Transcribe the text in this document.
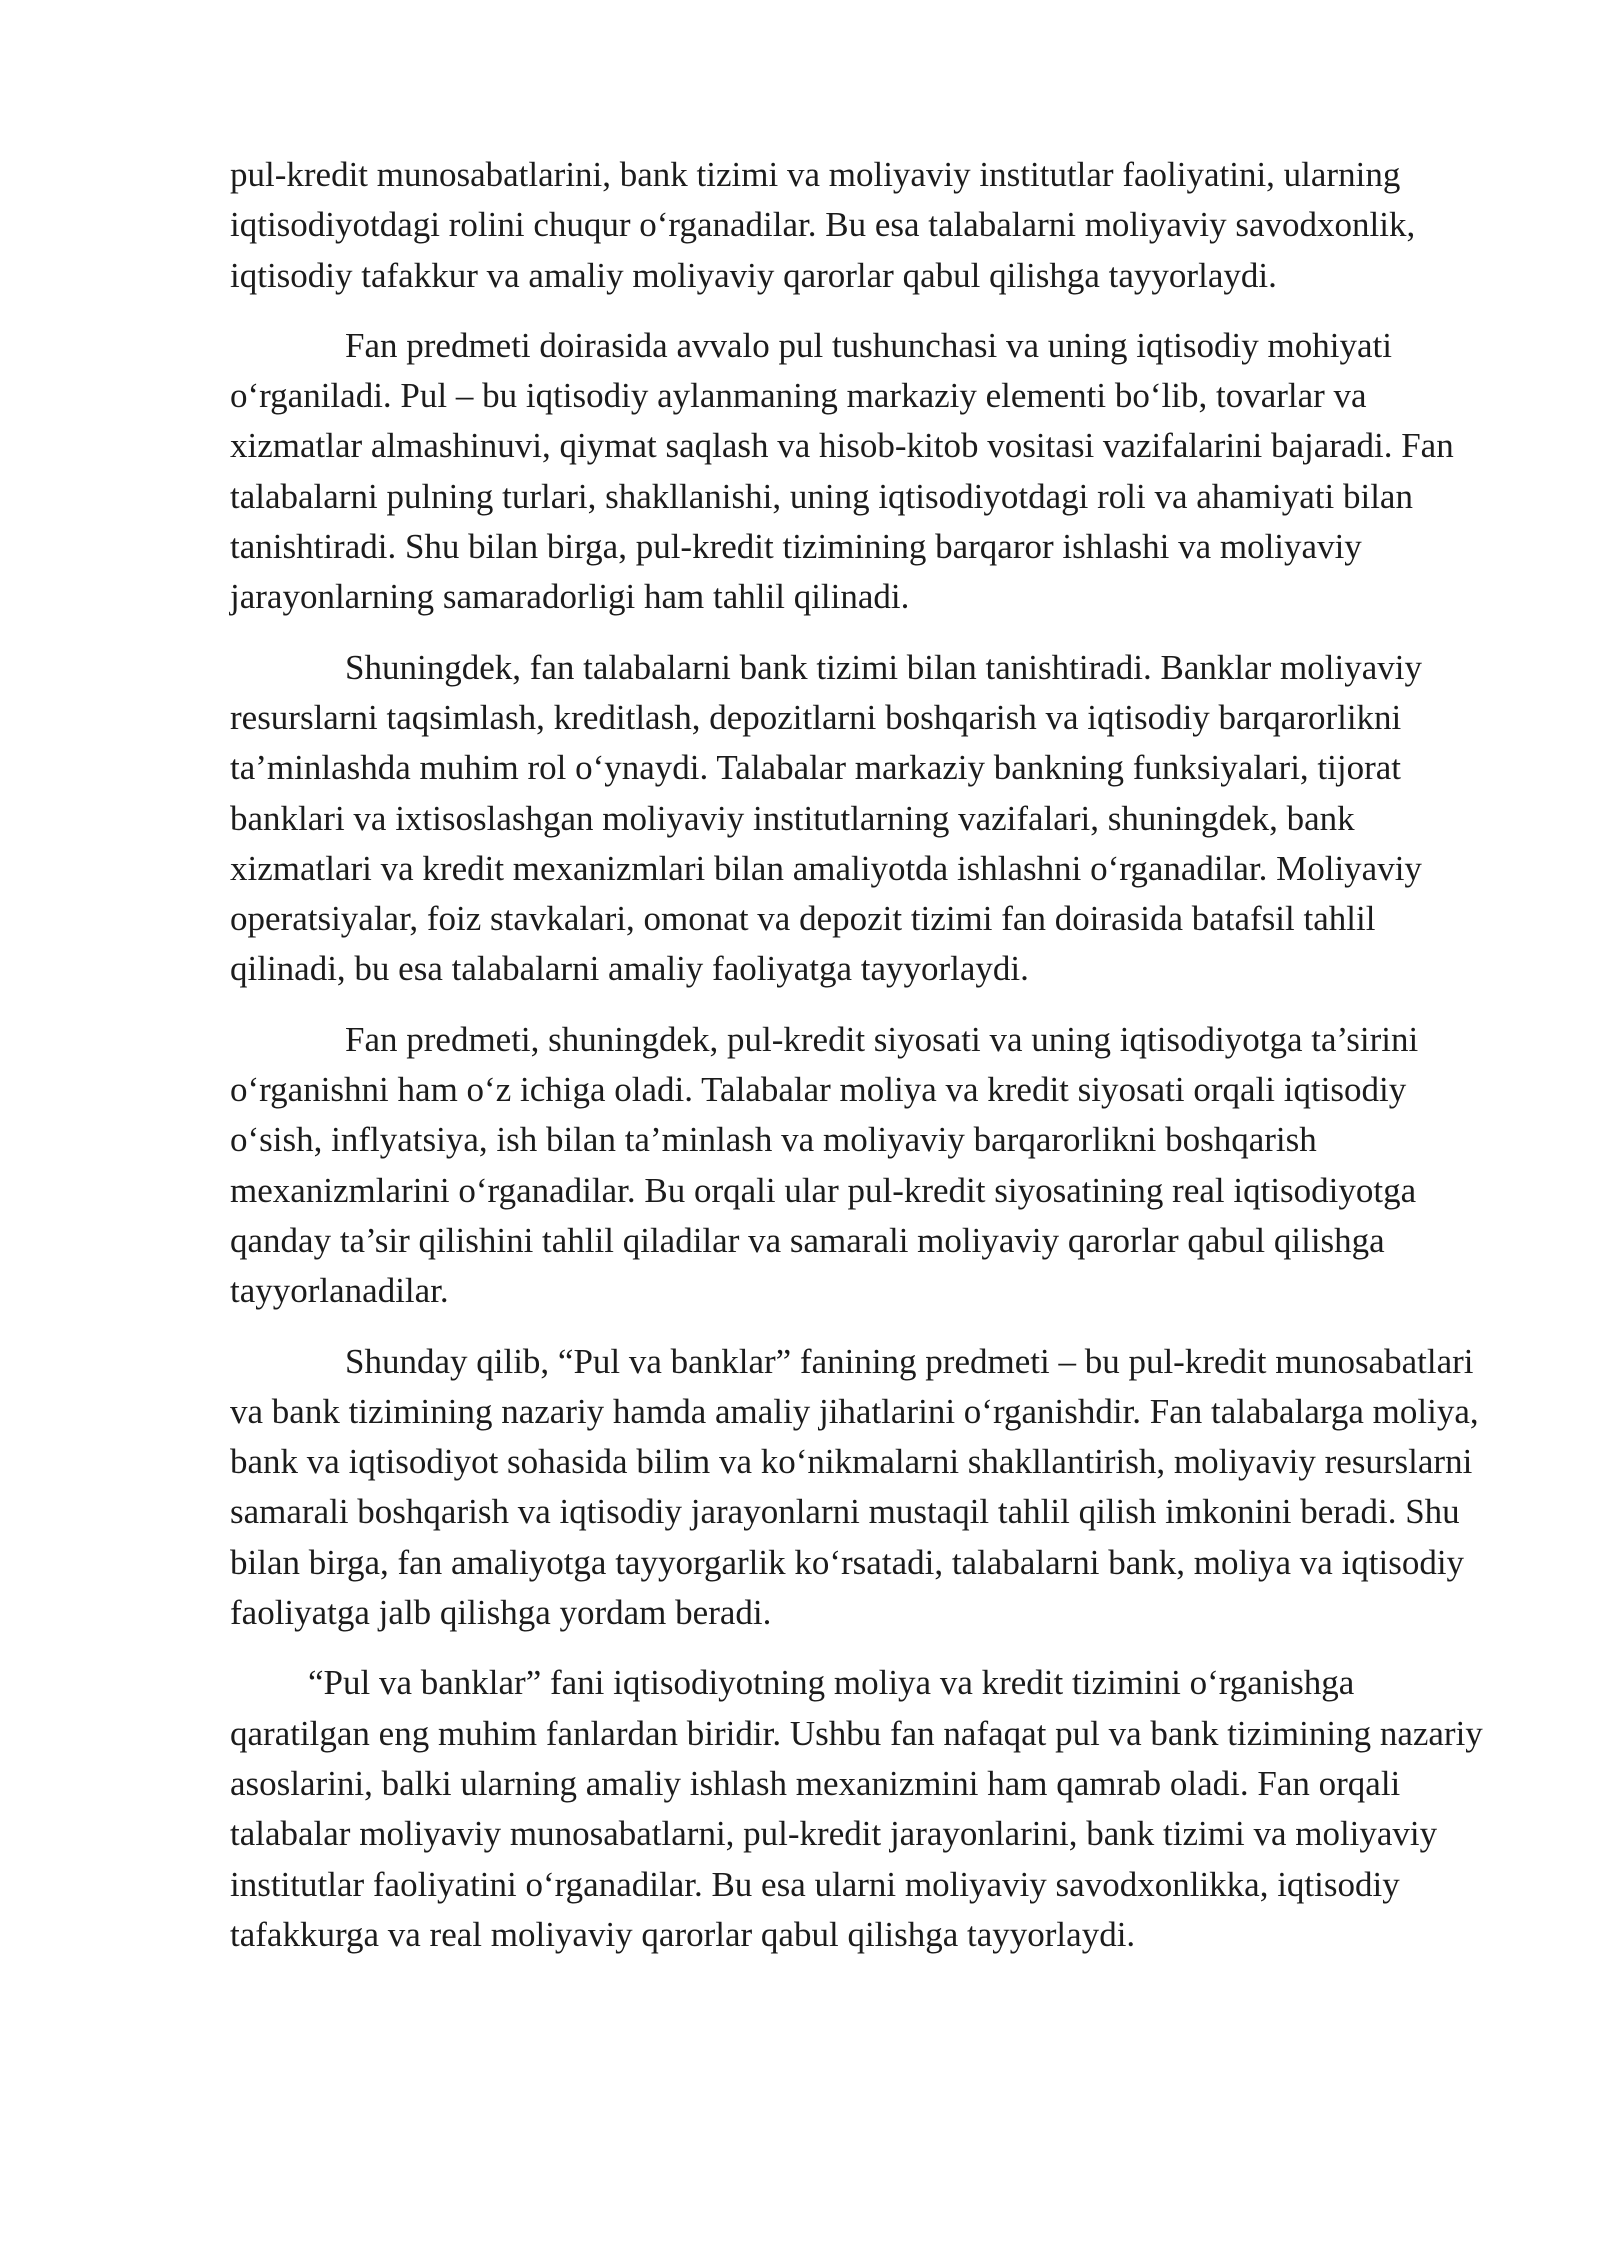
pul-kredit munosabatlarini, bank tizimi va moliyaviy institutlar faoliyatini, ularning iqtisodiyotdagi rolini chuqur o‘rganadilar. Bu esa talabalarni moliyaviy savodxonlik, iqtisodiy tafakkur va amaliy moliyaviy qarorlar qabul qilishga tayyorlaydi.

Fan predmeti doirasida avvalo pul tushunchasi va uning iqtisodiy mohiyati o‘rganiladi. Pul – bu iqtisodiy aylanmaning markaziy elementi bo‘lib, tovarlar va xizmatlar almashinuvi, qiymat saqlash va hisob-kitob vositasi vazifalarini bajaradi. Fan talabalarni pulning turlari, shakllanishi, uning iqtisodiyotdagi roli va ahamiyati bilan tanishtiradi. Shu bilan birga, pul-kredit tizimining barqaror ishlashi va moliyaviy jarayonlarning samaradorligi ham tahlil qilinadi.

Shuningdek, fan talabalarni bank tizimi bilan tanishtiradi. Banklar moliyaviy resurslarni taqsimlash, kreditlash, depozitlarni boshqarish va iqtisodiy barqarorlikni ta’minlashda muhim rol o‘ynaydi. Talabalar markaziy bankning funksiyalari, tijorat banklari va ixtisoslashgan moliyaviy institutlarning vazifalari, shuningdek, bank xizmatlari va kredit mexanizmlari bilan amaliyotda ishlashni o‘rganadilar. Moliyaviy operatsiyalar, foiz stavkalari, omonat va depozit tizimi fan doirasida batafsil tahlil qilinadi, bu esa talabalarni amaliy faoliyatga tayyorlaydi.

Fan predmeti, shuningdek, pul-kredit siyosati va uning iqtisodiyotga ta’sirini o‘rganishni ham o‘z ichiga oladi. Talabalar moliya va kredit siyosati orqali iqtisodiy o‘sish, inflyatsiya, ish bilan ta’minlash va moliyaviy barqarorlikni boshqarish mexanizmlarini o‘rganadilar. Bu orqali ular pul-kredit siyosatining real iqtisodiyotga qanday ta’sir qilishini tahlil qiladilar va samarali moliyaviy qarorlar qabul qilishga tayyorlanadilar.

Shunday qilib, “Pul va banklar” fanining predmeti – bu pul-kredit munosabatlari va bank tizimining nazariy hamda amaliy jihatlarini o‘rganishdir. Fan talabalarga moliya, bank va iqtisodiyot sohasida bilim va ko‘nikmalarni shakllantirish, moliyaviy resurslarni samarali boshqarish va iqtisodiy jarayonlarni mustaqil tahlil qilish imkonini beradi. Shu bilan birga, fan amaliyotga tayyorgarlik ko‘rsatadi, talabalarni bank, moliya va iqtisodiy faoliyatga jalb qilishga yordam beradi.

“Pul va banklar” fani iqtisodiyotning moliya va kredit tizimini o‘rganishga qaratilgan eng muhim fanlardan biridir. Ushbu fan nafaqat pul va bank tizimining nazariy asoslarini, balki ularning amaliy ishlash mexanizmini ham qamrab oladi. Fan orqali talabalar moliyaviy munosabatlarni, pul-kredit jarayonlarini, bank tizimi va moliyaviy institutlar faoliyatini o‘rganadilar. Bu esa ularni moliyaviy savodxonlikka, iqtisodiy tafakkurga va real moliyaviy qarorlar qabul qilishga tayyorlaydi.
